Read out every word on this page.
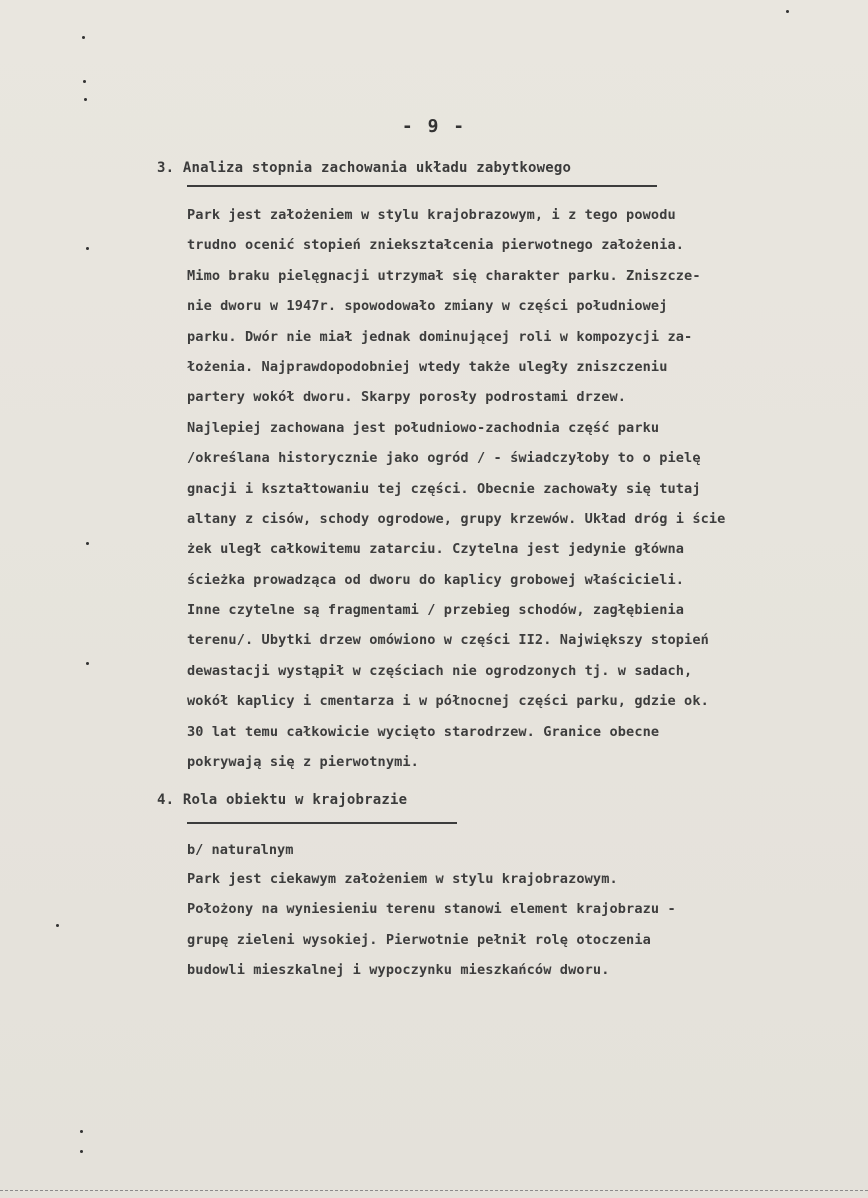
- 9 -
3. Analiza stopnia zachowania układu zabytkowego
Park jest założeniem w stylu krajobrazowym, i z tego powodu
trudno ocenić stopień zniekształcenia pierwotnego założenia.
Mimo braku pielęgnacji utrzymał się charakter parku. Zniszcze-
nie dworu w 1947r. spowodowało zmiany w części południowej
parku. Dwór nie miał jednak dominującej roli w kompozycji za-
łożenia. Najprawdopodobniej wtedy także uległy zniszczeniu
partery wokół dworu. Skarpy porosły podrostami drzew.
Najlepiej zachowana jest południowo-zachodnia część parku
/określana historycznie jako ogród / - świadczyłoby to o pielę
gnacji i kształtowaniu tej części. Obecnie zachowały się tutaj
altany z cisów, schody ogrodowe, grupy krzewów. Układ dróg i ście
żek uległ całkowitemu zatarciu. Czytelna jest jedynie główna
ścieżka prowadząca od dworu do kaplicy grobowej właścicieli.
Inne czytelne są fragmentami / przebieg schodów, zagłębienia
terenu/. Ubytki drzew omówiono w części II2. Największy stopień
dewastacji wystąpił w częściach nie ogrodzonych tj. w sadach,
wokół kaplicy i cmentarza i w północnej części parku, gdzie ok.
30 lat temu całkowicie wycięto starodrzew. Granice obecne
pokrywają się z pierwotnymi.
4. Rola obiektu w krajobrazie
b/ naturalnym
Park jest ciekawym założeniem w stylu krajobrazowym.
Położony na wyniesieniu terenu stanowi element krajobrazu -
grupę zieleni wysokiej. Pierwotnie pełnił rolę otoczenia
budowli mieszkalnej i wypoczynku mieszkańców dworu.
